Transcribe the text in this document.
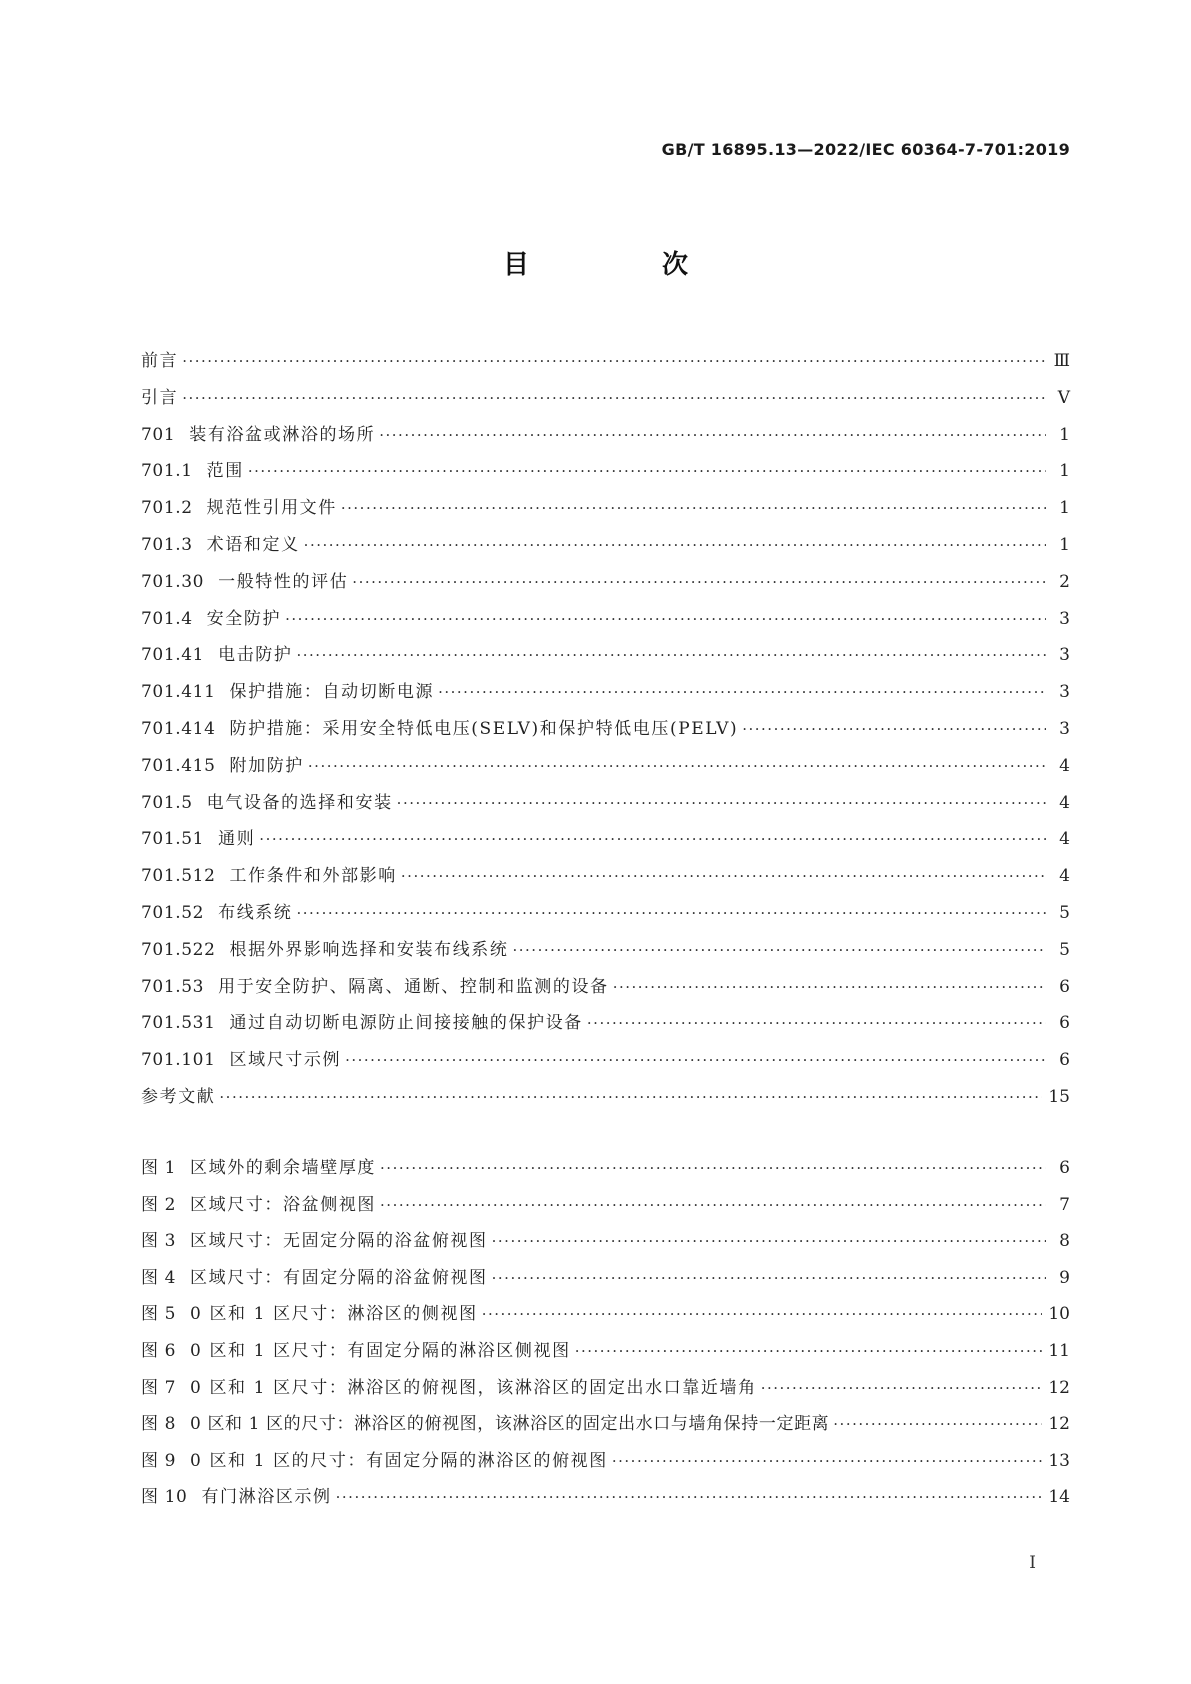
GB/T 16895.13—2022/IEC 60364-7-701:2019
目 次
前言 ·····	Ⅲ
引言 ·····	Ⅴ
701 装有浴盆或淋浴的场所 ·····	1
701.1 范围 ·····	1
701.2 规范性引用文件 ·····	1
701.3 术语和定义 ·····	1
701.30 一般特性的评估 ·····	2
701.4 安全防护 ·····	3
701.41 电击防护 ·····	3
701.411 保护措施：自动切断电源 ·····	3
701.414 防护措施：采用安全特低电压(SELV)和保护特低电压(PELV) ·····	3
701.415 附加防护 ·····	4
701.5 电气设备的选择和安装 ·····	4
701.51 通则 ·····	4
701.512 工作条件和外部影响 ·····	4
701.52 布线系统 ·····	5
701.522 根据外界影响选择和安装布线系统 ·····	5
701.53 用于安全防护、隔离、通断、控制和监测的设备 ·····	6
701.531 通过自动切断电源防止间接接触的保护设备 ·····	6
701.101 区域尺寸示例 ·····	6
参考文献 ·····	15
图 1 区域外的剩余墙壁厚度 ·····	6
图 2 区域尺寸：浴盆侧视图 ·····	7
图 3 区域尺寸：无固定分隔的浴盆俯视图 ·····	8
图 4 区域尺寸：有固定分隔的浴盆俯视图 ·····	9
图 5 0 区和 1 区尺寸：淋浴区的侧视图 ·····	10
图 6 0 区和 1 区尺寸：有固定分隔的淋浴区侧视图 ·····	11
图 7 0 区和 1 区尺寸：淋浴区的俯视图，该淋浴区的固定出水口靠近墙角 ·····	12
图 8 0 区和 1 区的尺寸：淋浴区的俯视图，该淋浴区的固定出水口与墙角保持一定距离 ·····	12
图 9 0 区和 1 区的尺寸：有固定分隔的淋浴区的俯视图 ·····	13
图 10 有门淋浴区示例 ·····	14
I
